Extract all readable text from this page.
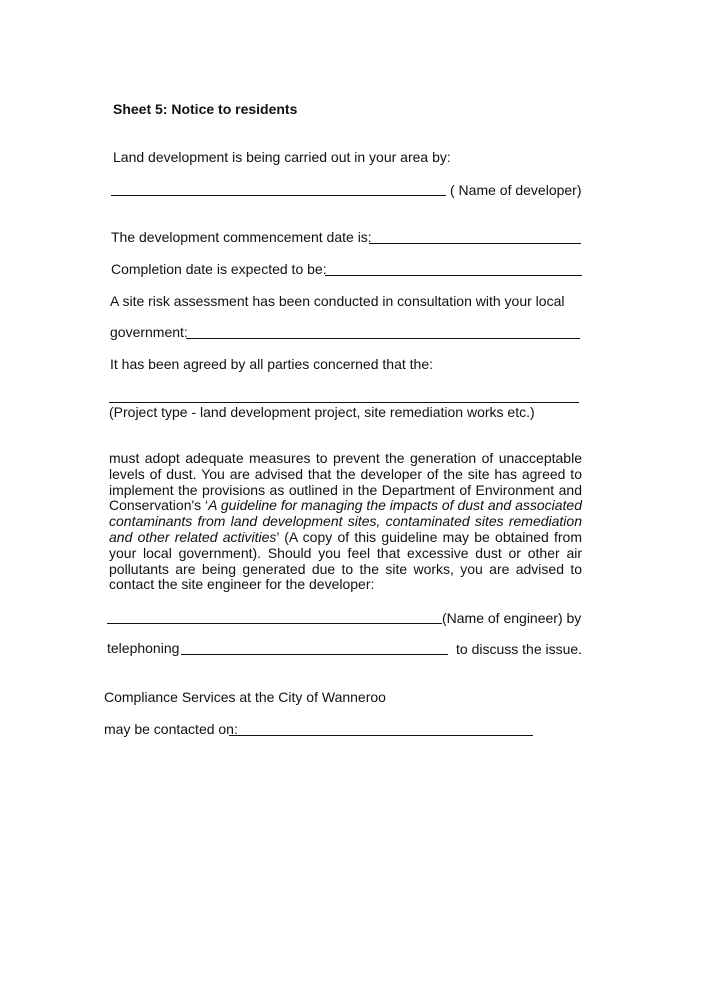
Sheet 5: Notice to residents
Land development is being carried out in your area by:
( Name of developer)
The development commencement date is:
Completion date is expected to be:
A site risk assessment has been conducted in consultation with your local
government:
It has been agreed by all parties concerned that the:
(Project type - land development project, site remediation works etc.)
must adopt adequate measures to prevent the generation of unacceptable levels of dust. You are advised that the developer of the site has agreed to implement the provisions as outlined in the Department of Environment and Conservation's ‘A guideline for managing the impacts of dust and associated contaminants from land development sites, contaminated sites remediation and other related activities’ (A copy of this guideline may be obtained from your local government). Should you feel that excessive dust or other air pollutants are being generated due to the site works, you are advised to contact the site engineer for the developer:
(Name of engineer) by
telephoning	to discuss the issue.
Compliance Services at the City of Wanneroo
may be contacted on:
